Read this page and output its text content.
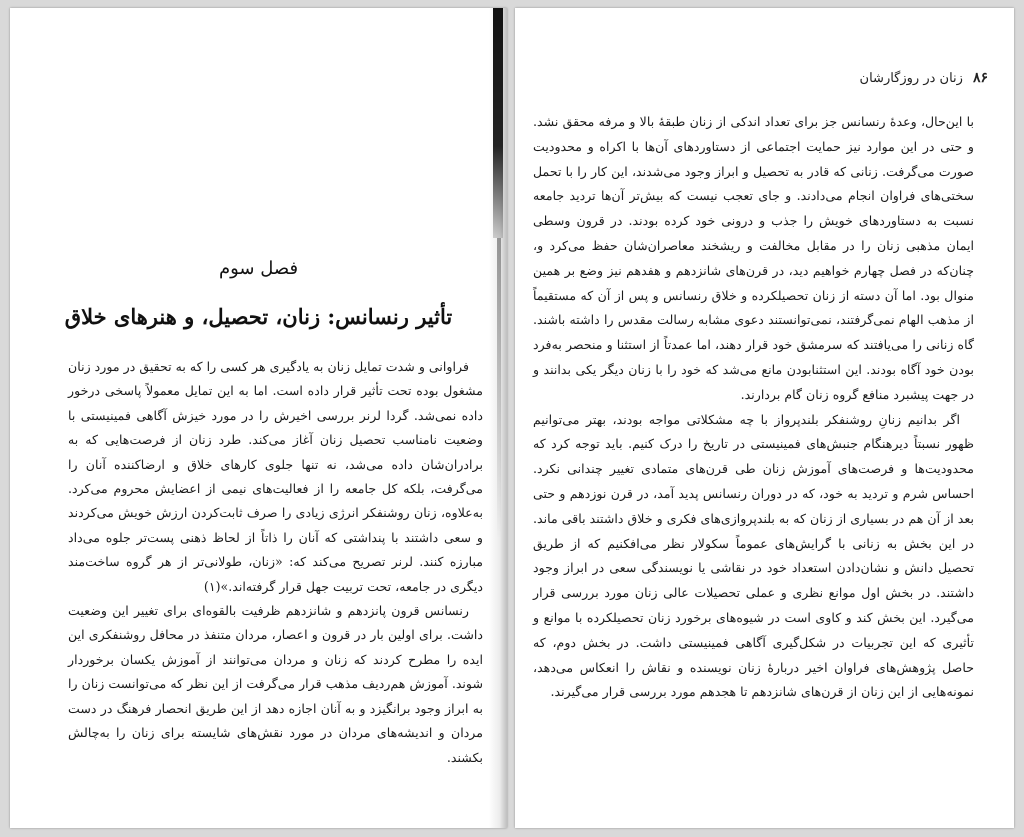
فصل سوم
تأثیر رنسانس: زنان، تحصیل، و هنرهای خلاق

فراوانی و شدت تمایل زنان به یادگیری هر کسی را که به تحقیق در مورد زنان مشغول بوده تحت تأثیر قرار داده است. اما به این تمایل معمولاً پاسخی درخور داده نمی‌شد. گردا لرنر بررسی اخیرش را در مورد خیزش آگاهی فمینیستی با وضعیت نامناسب تحصیل زنان آغاز می‌کند. طرد زنان از فرصت‌هایی که به برادران‌شان داده می‌شد، نه تنها جلوی کارهای خلاق و ارضاکننده آنان را می‌گرفت، بلکه کل جامعه را از فعالیت‌های نیمی از اعضایش محروم می‌کرد. به‌علاوه، زنان روشنفکر انرژی زیادی را صرف ثابت‌کردن ارزش خویش می‌کردند و سعی داشتند با پنداشتی که آنان را ذاتاً از لحاظ ذهنی پست‌تر جلوه می‌داد مبارزه کنند. لرنر تصریح می‌کند که: «زنان، طولانی‌تر از هر گروه ساخت‌مند دیگری در جامعه، تحت تربیت جهل قرار گرفته‌اند.»(۱)

رنسانس قرون پانزدهم و شانزدهم ظرفیت بالقوه‌ای برای تغییر این وضعیت داشت. برای اولین بار در قرون و اعصار، مردان متنفذ در محافل روشنفکری این ایده را مطرح کردند که زنان و مردان می‌توانند از آموزش یکسان برخوردار شوند. آموزش هم‌ردیف مذهب قرار می‌گرفت از این نظر که می‌توانست زنان را به ابراز وجود برانگیزد و به آنان اجازه دهد از این طریق انحصار فرهنگ در دست مردان و اندیشه‌های مردان در مورد نقش‌های شایسته برای زنان را به‌چالش بکشند.

۸۶
زنان در روزگارشان

با این‌حال، وعدهٔ رنسانس جز برای تعداد اندکی از زنان طبقهٔ بالا و مرفه محقق نشد. و حتی در این موارد نیز حمایت اجتماعی از دستاوردهای آن‌ها با اکراه و محدودیت صورت می‌گرفت. زنانی که قادر به تحصیل و ابراز وجود می‌شدند، این کار را با تحمل سختی‌های فراوان انجام می‌دادند. و جای تعجب نیست که بیش‌تر آن‌ها تردید جامعه نسبت به دستاوردهای خویش را جذب و درونی خود کرده بودند. در قرون وسطی ایمان مذهبی زنان را در مقابل مخالفت و ریشخند معاصران‌شان حفظ می‌کرد و، چنان‌که در فصل چهارم خواهیم دید، در قرن‌های شانزدهم و هفدهم نیز وضع بر همین منوال بود. اما آن دسته از زنان تحصیلکرده و خلاق رنسانس و پس از آن که مستقیماً از مذهب الهام نمی‌گرفتند، نمی‌توانستند دعوی مشابه رسالت مقدس را داشته باشند. گاه زنانی را می‌یافتند که سرمشق خود قرار دهند، اما عمدتاً از استثنا و منحصر به‌فرد بودن خود آگاه بودند. این استثنابودن مانع می‌شد که خود را با زنان دیگر یکی بدانند و در جهت پیشبرد منافع گروه زنان گام بردارند.

اگر بدانیم زنانِ روشنفکر بلندپرواز با چه مشکلاتی مواجه بودند، بهتر می‌توانیم ظهور نسبتاً دیرهنگام جنبش‌های فمینیستی در تاریخ را درک کنیم. باید توجه کرد که محدودیت‌ها و فرصت‌های آموزش زنان طی قرن‌های متمادی تغییر چندانی نکرد. احساس شرم و تردید به خود، که در دوران رنسانس پدید آمد، در قرن نوزدهم و حتی بعد از آن هم در بسیاری از زنان که به بلندپروازی‌های فکری و خلاق داشتند باقی ماند. در این بخش به زنانی با گرایش‌های عموماً سکولار نظر می‌افکنیم که از طریق تحصیل دانش و نشان‌دادن استعداد خود در نقاشی یا نویسندگی سعی در ابراز وجود داشتند. در بخش اول موانع نظری و عملی تحصیلات عالی زنان مورد بررسی قرار می‌گیرد. این بخش کند و کاوی است در شیوه‌های برخورد زنان تحصیلکرده با موانع و تأثیری که این تجربیات در شکل‌گیری آگاهی فمینیستی داشت. در بخش دوم، که حاصل پژوهش‌های فراوان اخیر دربارهٔ زنان نویسنده و نقاش را انعکاس می‌دهد، نمونه‌هایی از این زنان از قرن‌های شانزدهم تا هجدهم مورد بررسی قرار می‌گیرند.
